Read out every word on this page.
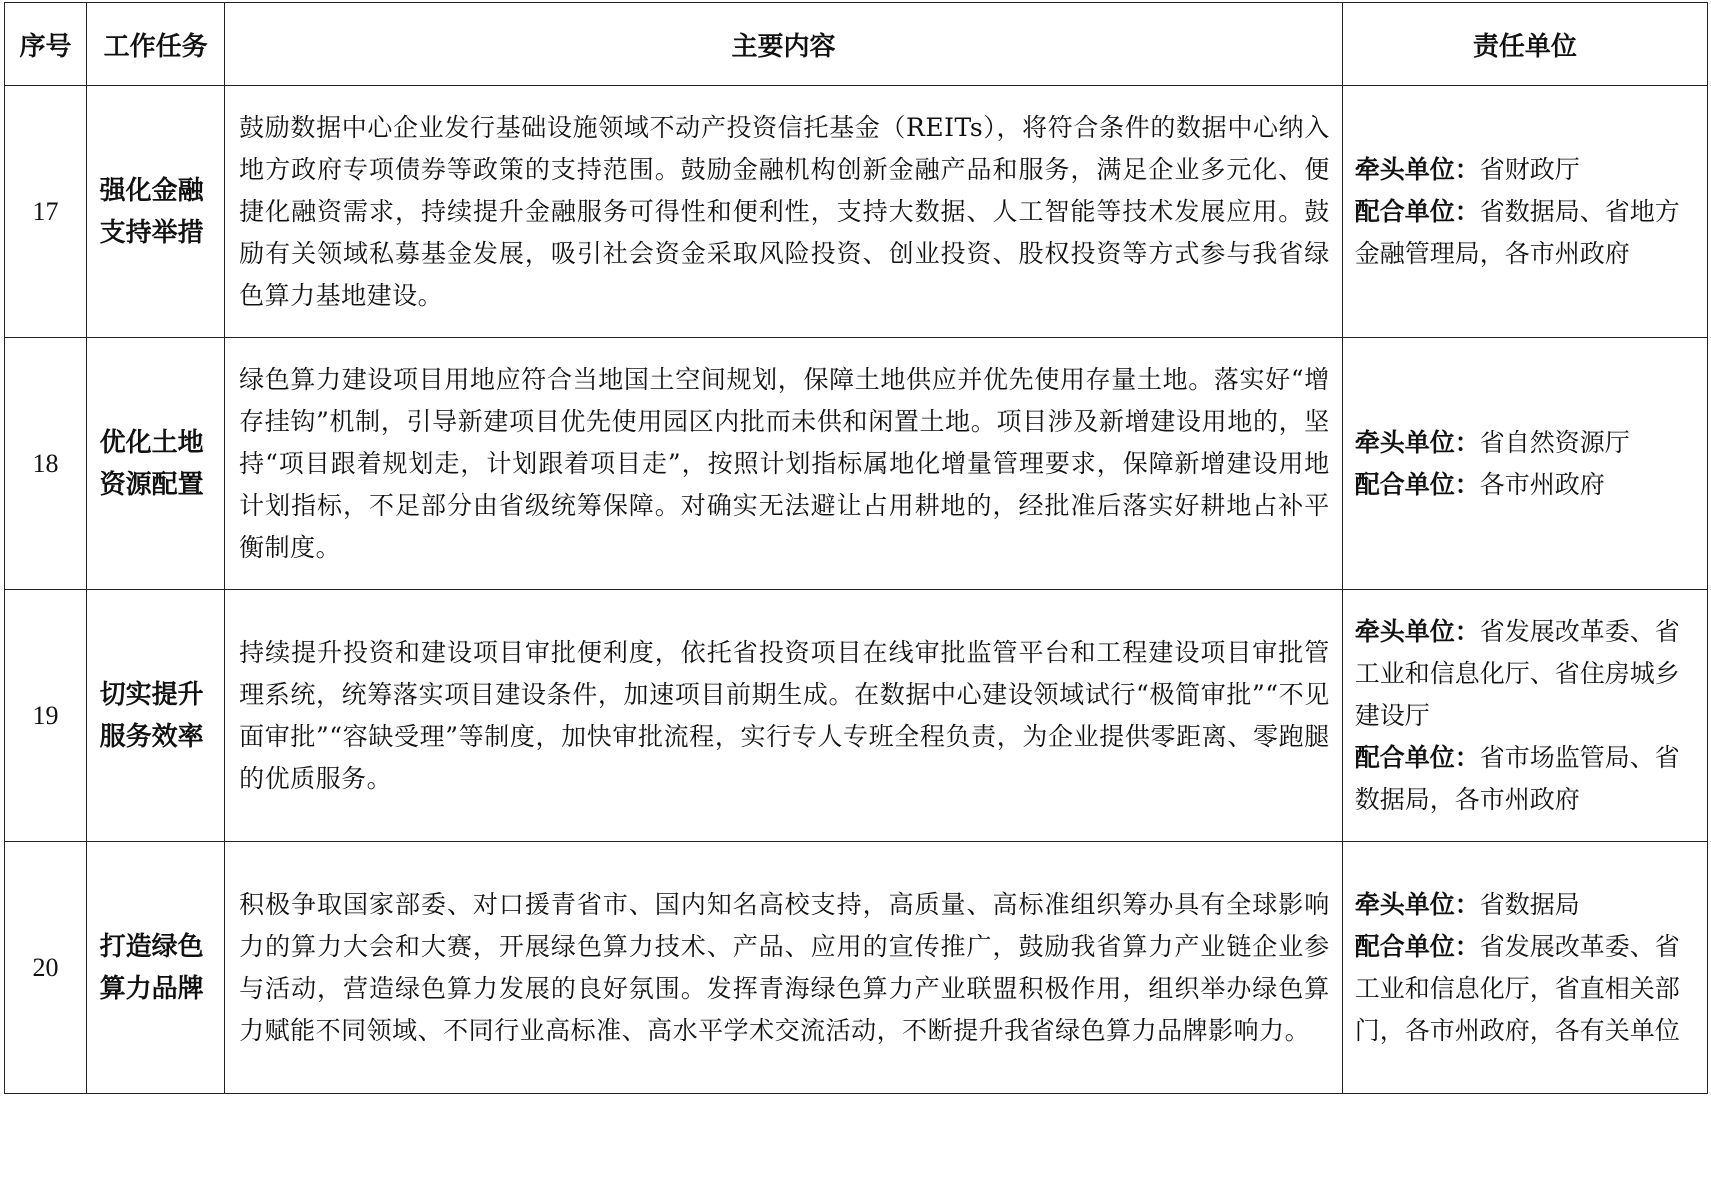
序号	工作任务	主要内容	责任单位
17	强化金融支持举措	鼓励数据中心企业发行基础设施领域不动产投资信托基金（REITs），将符合条件的数据中心纳入地方政府专项债券等政策的支持范围。鼓励金融机构创新金融产品和服务，满足企业多元化、便捷化融资需求，持续提升金融服务可得性和便利性，支持大数据、人工智能等技术发展应用。鼓励有关领域私募基金发展，吸引社会资金采取风险投资、创业投资、股权投资等方式参与我省绿色算力基地建设。	牵头单位：省财政厅
配合单位：省数据局、省地方金融管理局，各市州政府

18	优化土地资源配置	绿色算力建设项目用地应符合当地国土空间规划，保障土地供应并优先使用存量土地。落实好“增存挂钩”机制，引导新建项目优先使用园区内批而未供和闲置土地。项目涉及新增建设用地的，坚持“项目跟着规划走，计划跟着项目走”，按照计划指标属地化增量管理要求，保障新增建设用地计划指标，不足部分由省级统筹保障。对确实无法避让占用耕地的，经批准后落实好耕地占补平衡制度。	牵头单位：省自然资源厅
配合单位：各市州政府

19	切实提升服务效率	持续提升投资和建设项目审批便利度，依托省投资项目在线审批监管平台和工程建设项目审批管理系统，统筹落实项目建设条件，加速项目前期生成。在数据中心建设领域试行“极简审批”“不见面审批”“容缺受理”等制度，加快审批流程，实行专人专班全程负责，为企业提供零距离、零跑腿的优质服务。	牵头单位：省发展改革委、省工业和信息化厅、省住房城乡建设厅
配合单位：省市场监管局、省数据局，各市州政府

20	打造绿色算力品牌	积极争取国家部委、对口援青省市、国内知名高校支持，高质量、高标准组织筹办具有全球影响力的算力大会和大赛，开展绿色算力技术、产品、应用的宣传推广，鼓励我省算力产业链企业参与活动，营造绿色算力发展的良好氛围。发挥青海绿色算力产业联盟积极作用，组织举办绿色算力赋能不同领域、不同行业高标准、高水平学术交流活动，不断提升我省绿色算力品牌影响力。	牵头单位：省数据局
配合单位：省发展改革委、省工业和信息化厅，省直相关部门，各市州政府，各有关单位
